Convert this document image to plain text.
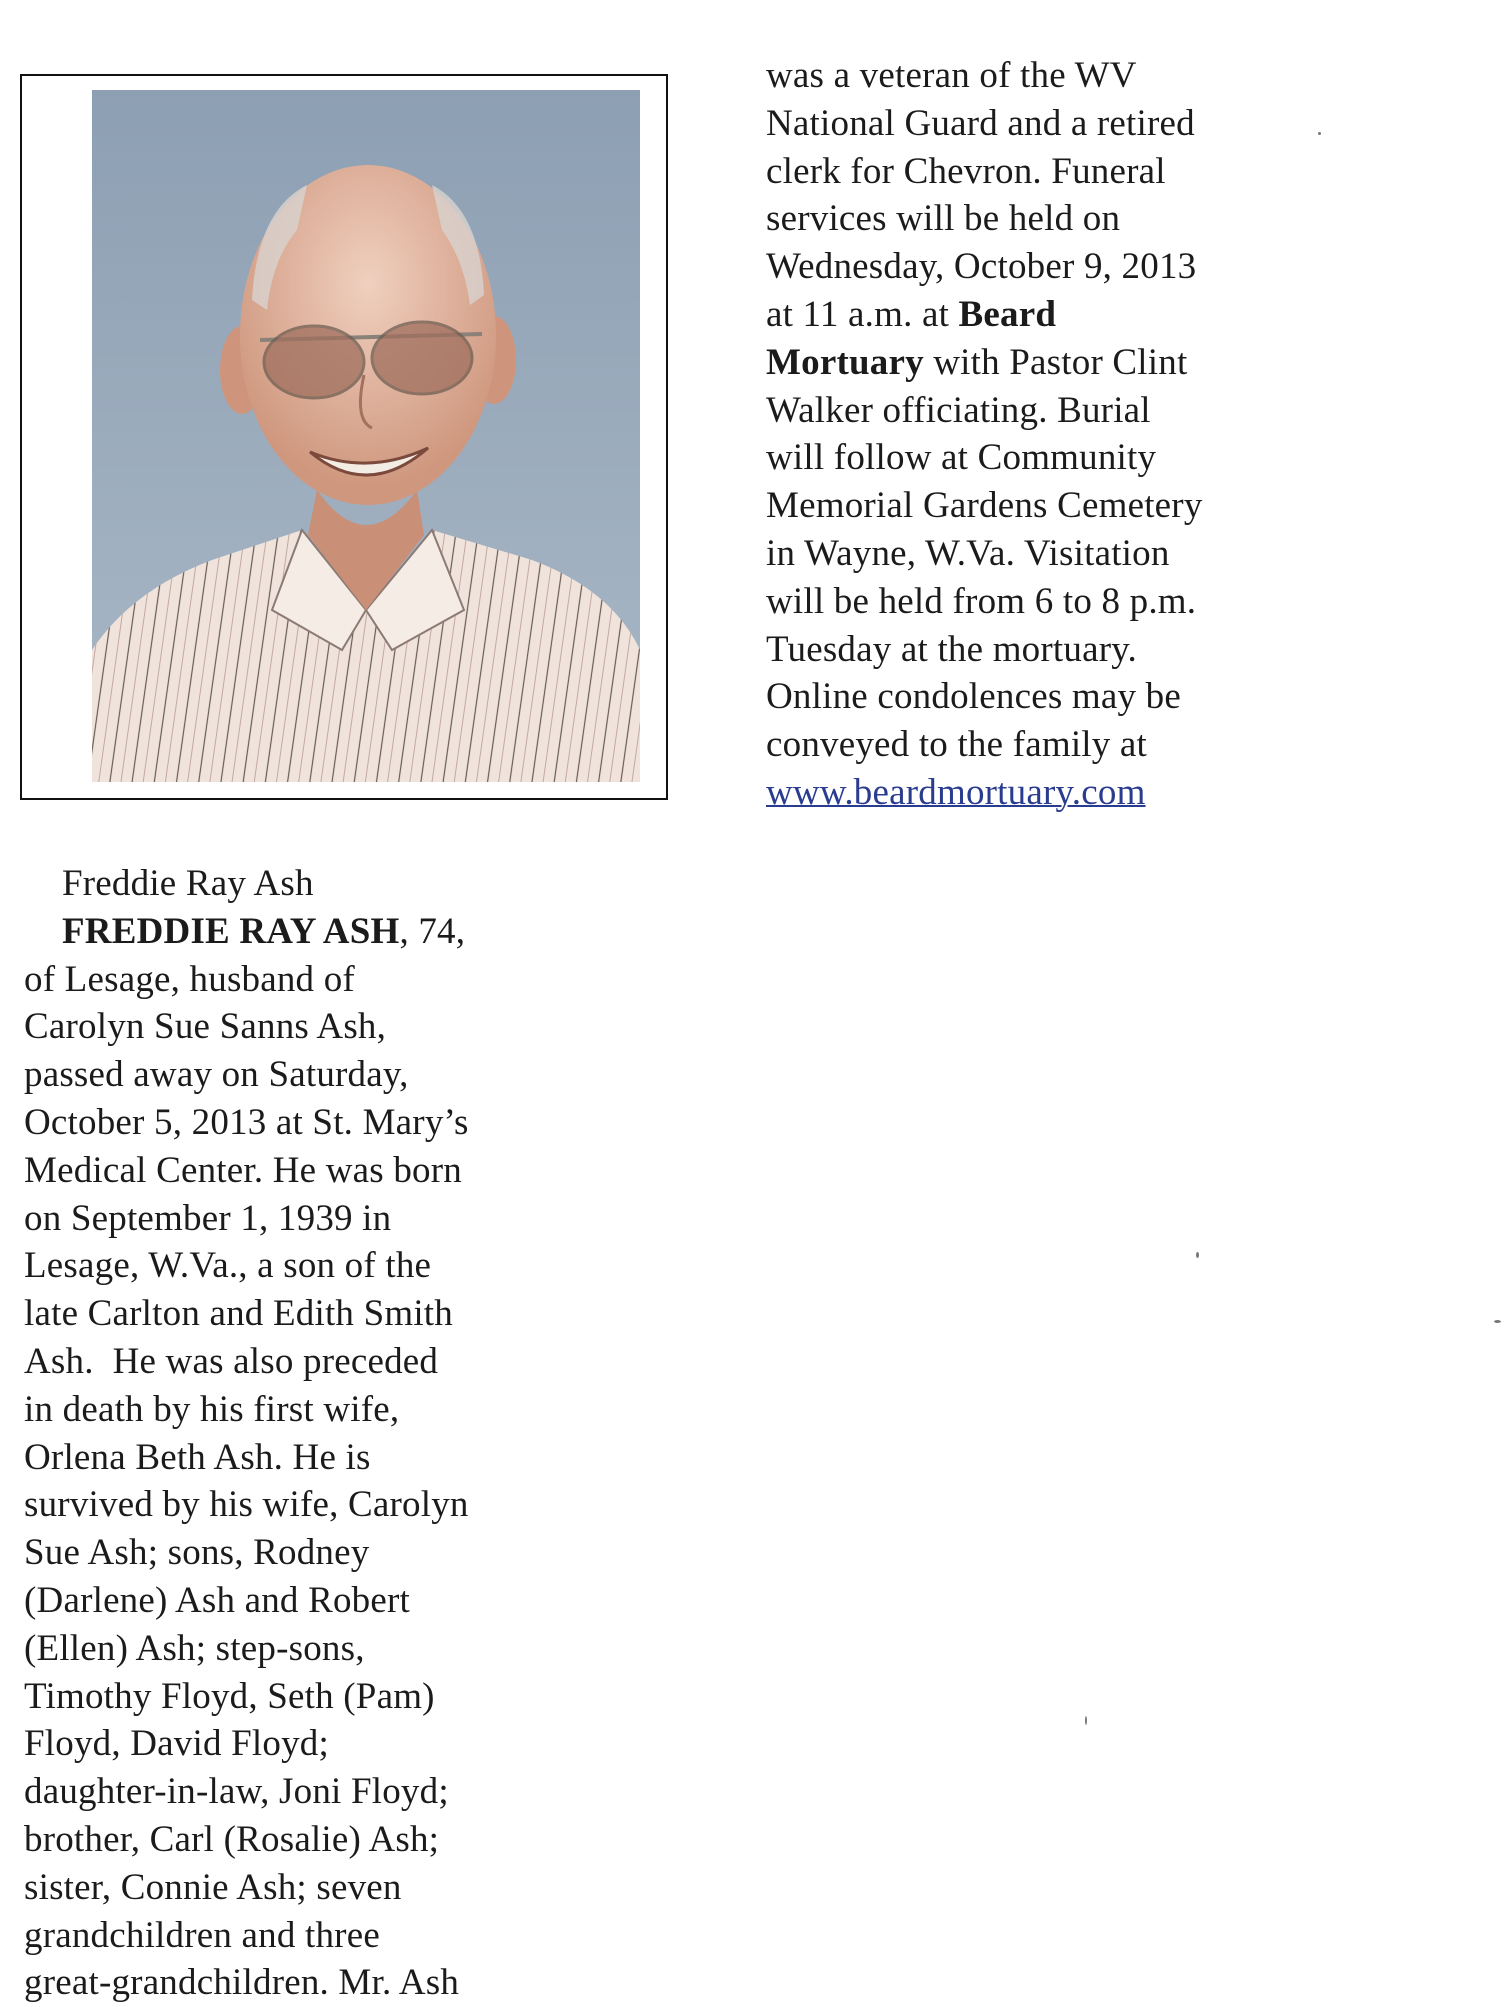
was a veteran of the WV
National Guard and a retired
clerk for Chevron. Funeral
services will be held on
Wednesday, October 9, 2013
at 11 a.m. at Beard
Mortuary with Pastor Clint
Walker officiating. Burial
will follow at Community
Memorial Gardens Cemetery
in Wayne, W.Va. Visitation
will be held from 6 to 8 p.m.
Tuesday at the mortuary.
Online condolences may be
conveyed to the family at
www.beardmortuary.com
Freddie Ray Ash
FREDDIE RAY ASH, 74,
of Lesage, husband of
Carolyn Sue Sanns Ash,
passed away on Saturday,
October 5, 2013 at St. Mary’s
Medical Center. He was born
on September 1, 1939 in
Lesage, W.Va., a son of the
late Carlton and Edith Smith
Ash.  He was also preceded
in death by his first wife,
Orlena Beth Ash. He is
survived by his wife, Carolyn
Sue Ash; sons, Rodney
(Darlene) Ash and Robert
(Ellen) Ash; step-sons,
Timothy Floyd, Seth (Pam)
Floyd, David Floyd;
daughter-in-law, Joni Floyd;
brother, Carl (Rosalie) Ash;
sister, Connie Ash; seven
grandchildren and three
great-grandchildren. Mr. Ash
